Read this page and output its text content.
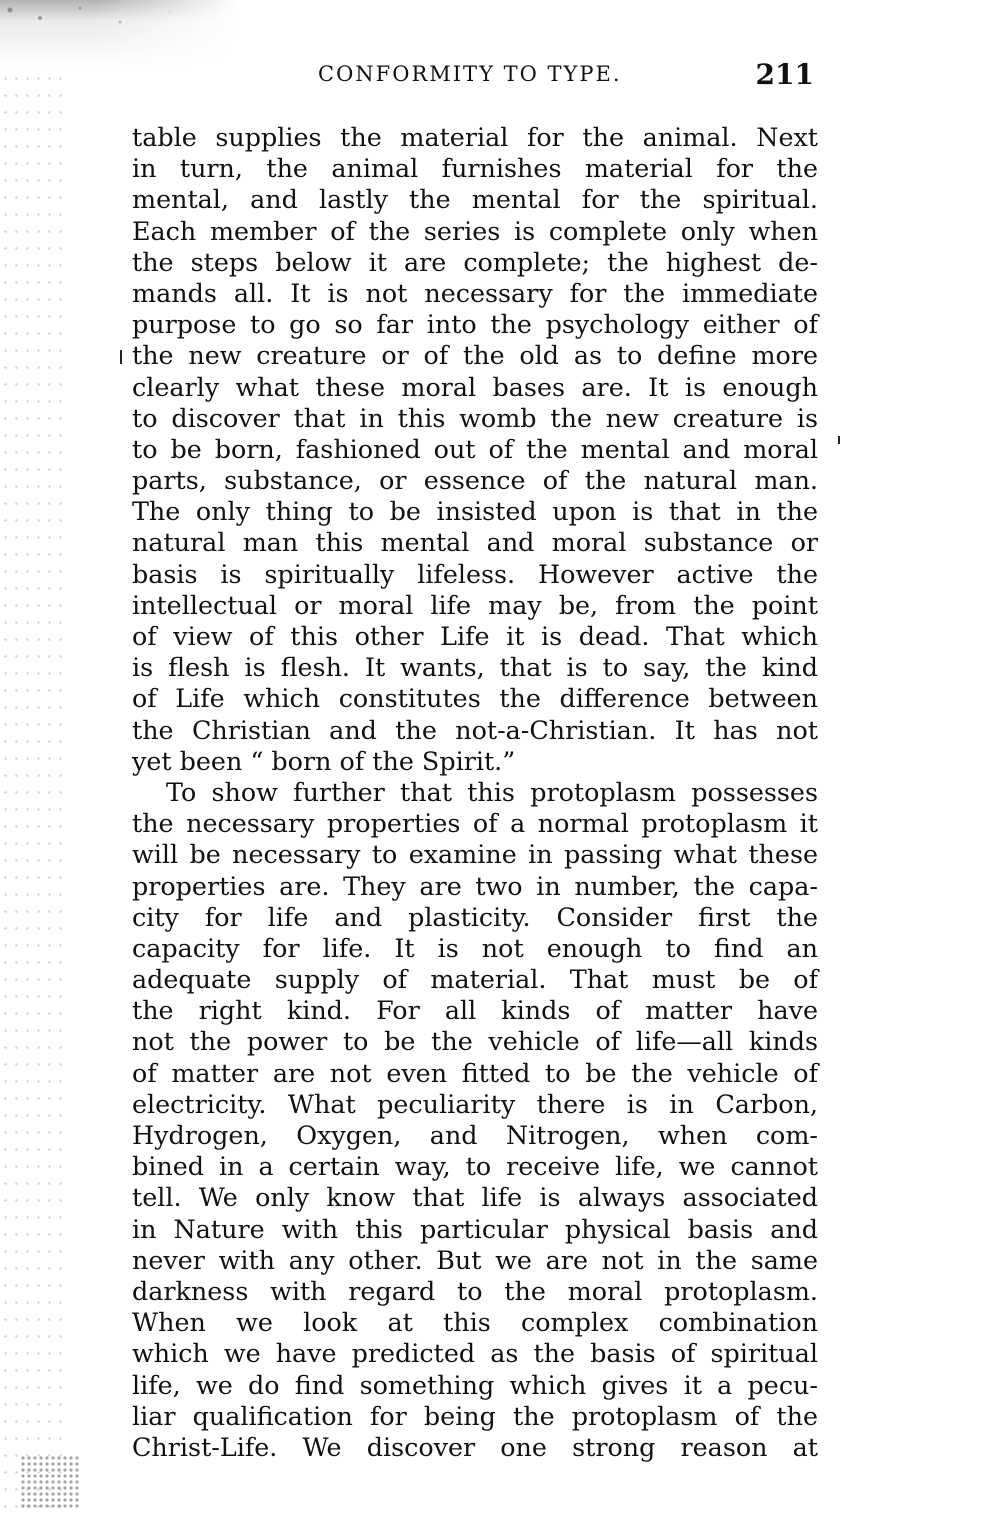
CONFORMITY TO TYPE.	211
table supplies the material for the animal. Next
in turn, the animal furnishes material for the
mental, and lastly the mental for the spiritual.
Each member of the series is complete only when
the steps below it are complete; the highest de-
mands all. It is not necessary for the immediate
purpose to go so far into the psychology either of
the new creature or of the old as to define more
clearly what these moral bases are. It is enough
to discover that in this womb the new creature is
to be born, fashioned out of the mental and moral
parts, substance, or essence of the natural man.
The only thing to be insisted upon is that in the
natural man this mental and moral substance or
basis is spiritually lifeless. However active the
intellectual or moral life may be, from the point
of view of this other Life it is dead. That which
is flesh is flesh. It wants, that is to say, the kind
of Life which constitutes the difference between
the Christian and the not-a-Christian. It has not
yet been “ born of the Spirit.”
To show further that this protoplasm possesses
the necessary properties of a normal protoplasm it
will be necessary to examine in passing what these
properties are. They are two in number, the capa-
city for life and plasticity. Consider first the
capacity for life. It is not enough to find an
adequate supply of material. That must be of
the right kind. For all kinds of matter have
not the power to be the vehicle of life—all kinds
of matter are not even fitted to be the vehicle of
electricity. What peculiarity there is in Carbon,
Hydrogen, Oxygen, and Nitrogen, when com-
bined in a certain way, to receive life, we cannot
tell. We only know that life is always associated
in Nature with this particular physical basis and
never with any other. But we are not in the same
darkness with regard to the moral protoplasm.
When we look at this complex combination
which we have predicted as the basis of spiritual
life, we do find something which gives it a pecu-
liar qualification for being the protoplasm of the
Christ-Life. We discover one strong reason at
